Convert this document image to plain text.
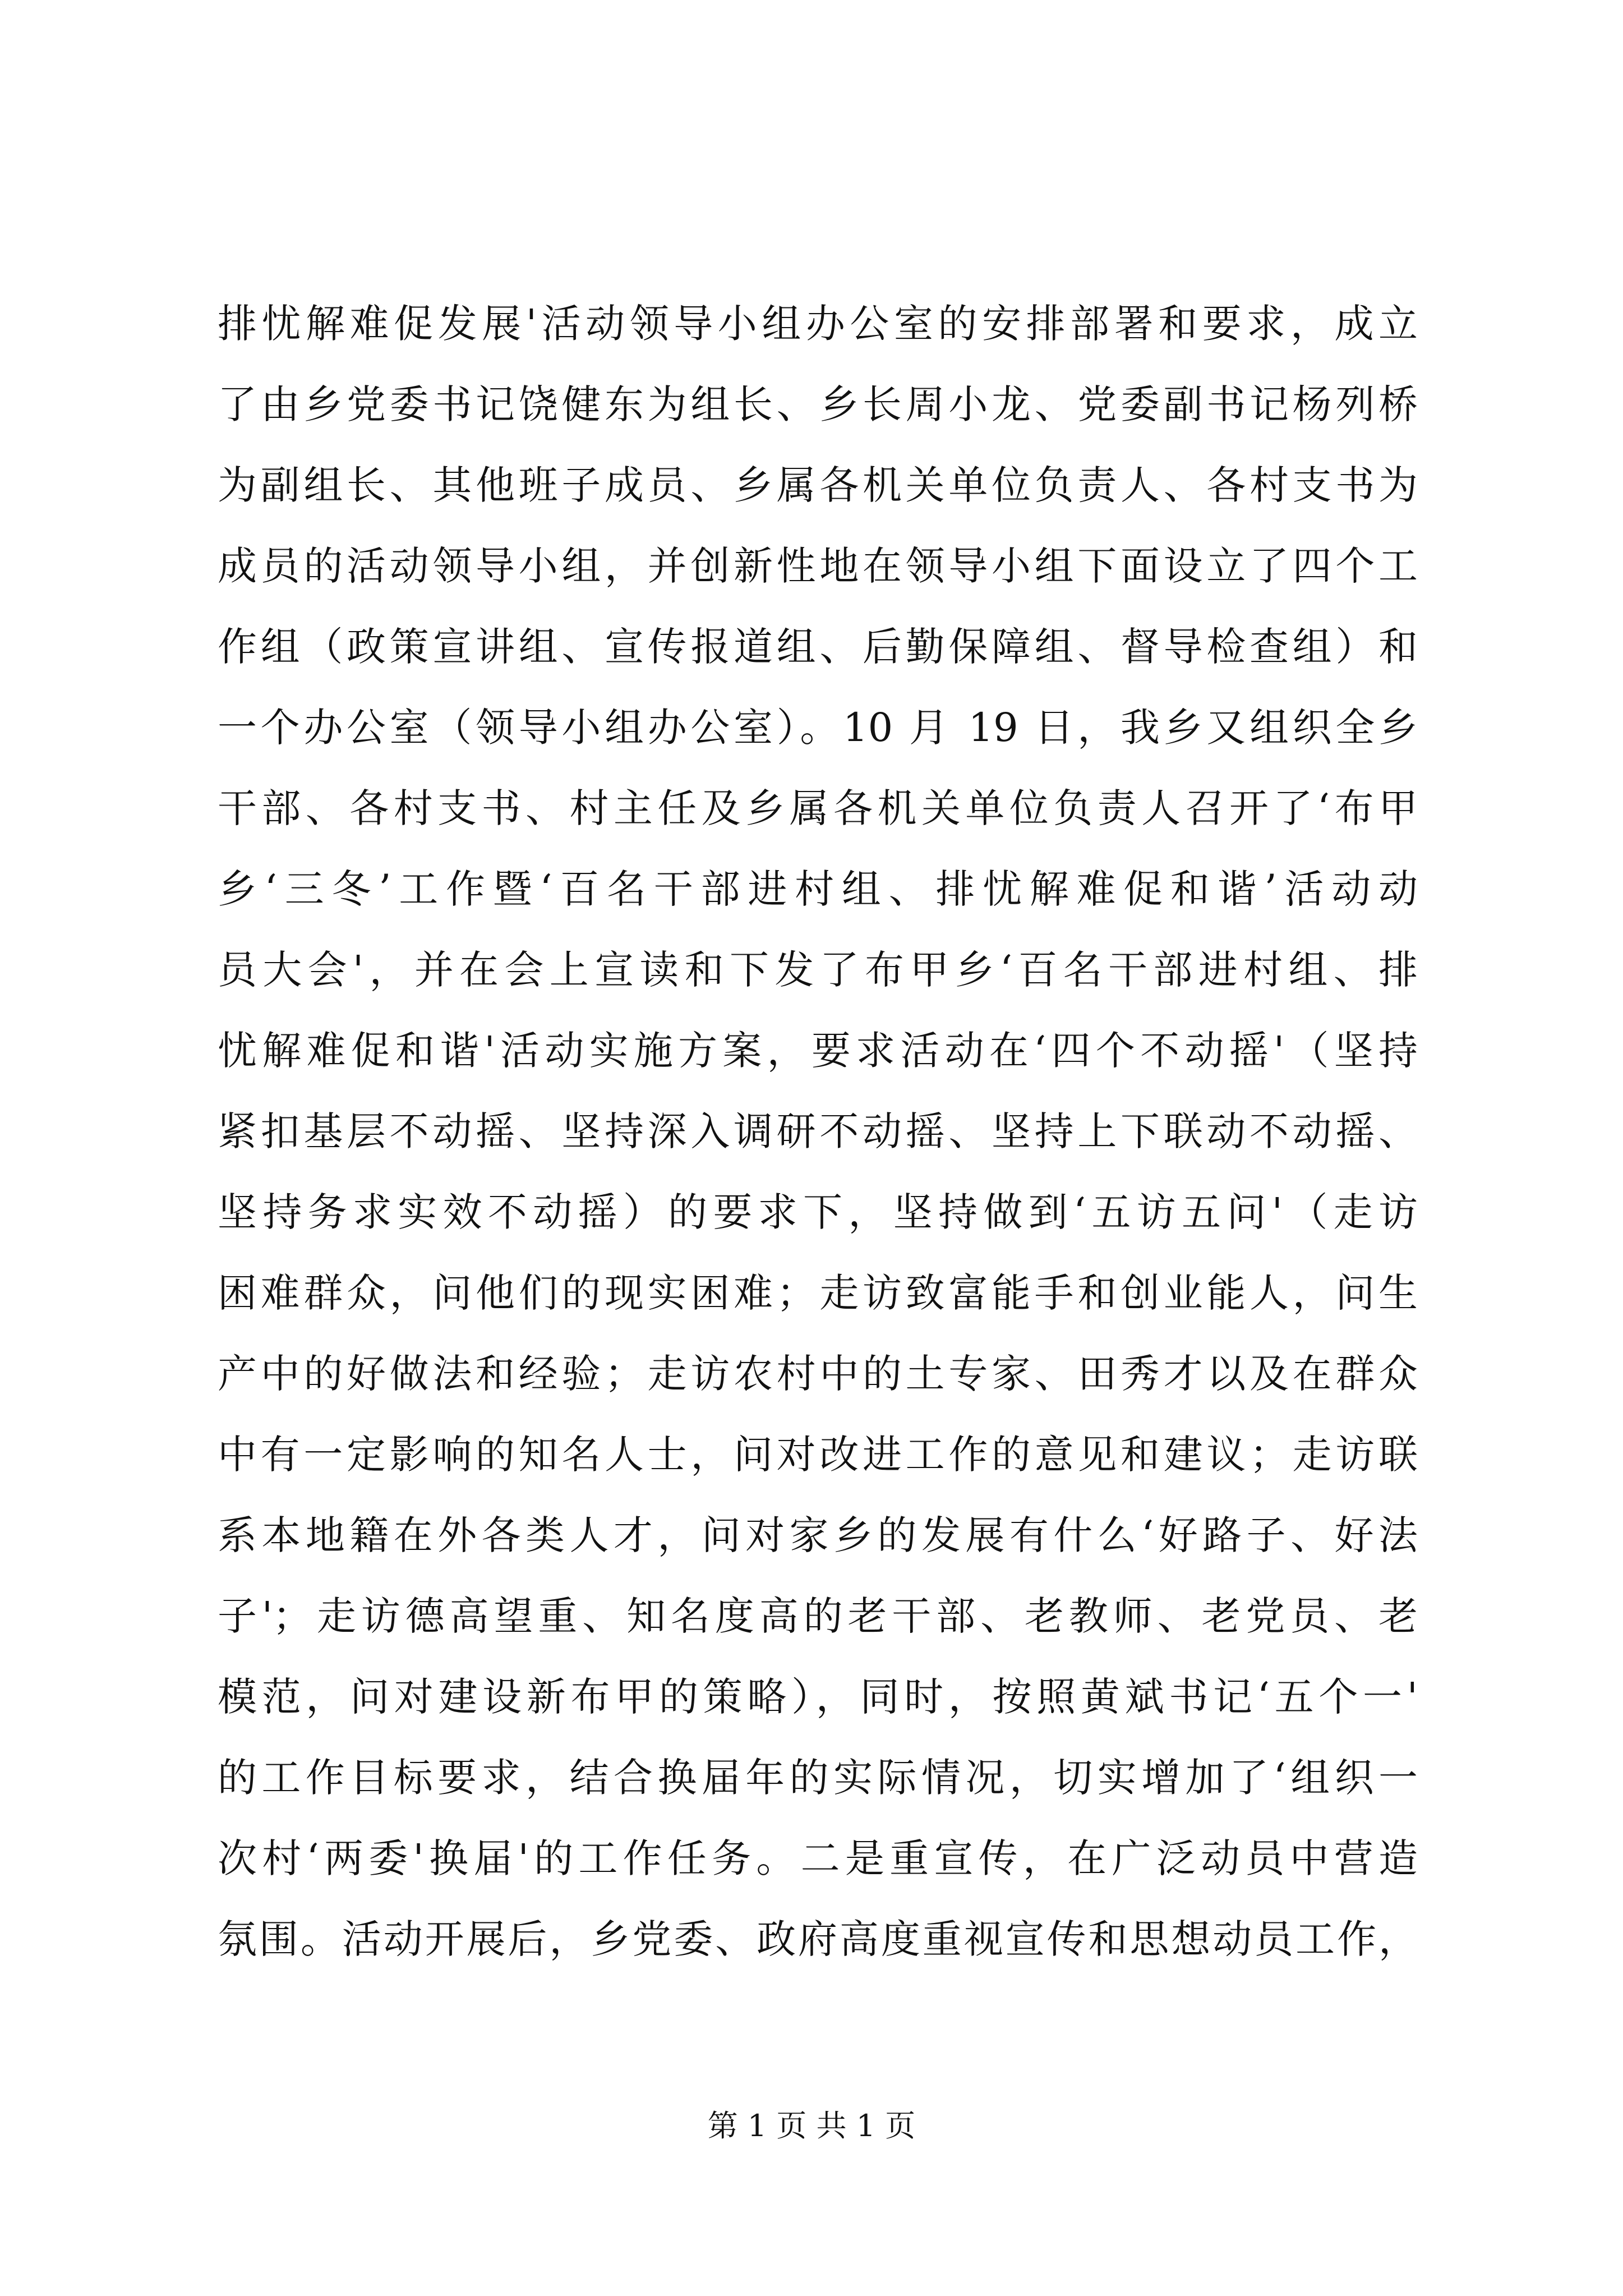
排忧解难促发展'活动领导小组办公室的安排部署和要求，成立
了由乡党委书记饶健东为组长、乡长周小龙、党委副书记杨列桥
为副组长、其他班子成员、乡属各机关单位负责人、各村支书为
成员的活动领导小组，并创新性地在领导小组下面设立了四个工
作组（政策宣讲组、宣传报道组、后勤保障组、督导检查组）和
一个办公室（领导小组办公室）。10 月 19 日，我乡又组织全乡
干部、各村支书、村主任及乡属各机关单位负责人召开了‘布甲
乡‘三冬’工作暨‘百名干部进村组、排忧解难促和谐’活动动
员大会'，并在会上宣读和下发了布甲乡‘百名干部进村组、排
忧解难促和谐'活动实施方案，要求活动在‘四个不动摇'（坚持
紧扣基层不动摇、坚持深入调研不动摇、坚持上下联动不动摇、
坚持务求实效不动摇）的要求下，坚持做到‘五访五问'（走访
困难群众，问他们的现实困难；走访致富能手和创业能人，问生
产中的好做法和经验；走访农村中的土专家、田秀才以及在群众
中有一定影响的知名人士，问对改进工作的意见和建议；走访联
系本地籍在外各类人才，问对家乡的发展有什么‘好路子、好法
子'；走访德高望重、知名度高的老干部、老教师、老党员、老
模范，问对建设新布甲的策略），同时，按照黄斌书记‘五个一'
的工作目标要求，结合换届年的实际情况，切实增加了‘组织一
次村‘两委'换届'的工作任务。二是重宣传，在广泛动员中营造
氛围。活动开展后，乡党委、政府高度重视宣传和思想动员工作，
第 1 页 共 1 页
